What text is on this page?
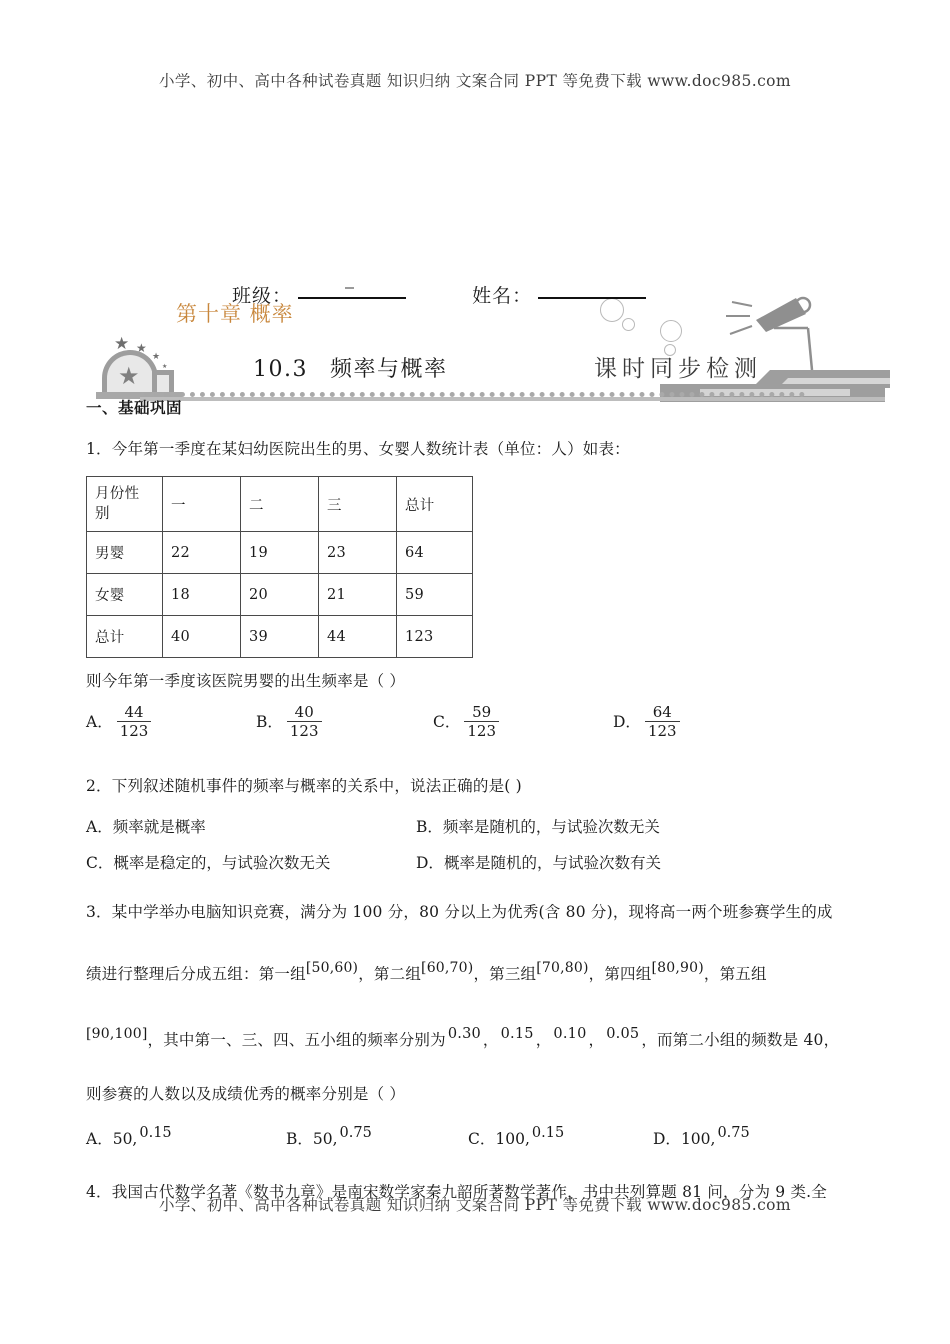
小学、初中、高中各种试卷真题 知识归纳 文案合同 PPT 等免费下载 www.doc985.com
★ ★
★
★
★	课时同步检测
第十章 概率
10.3 频率与概率
班级：	姓名：
一、基础巩固

1．今年第一季度在某妇幼医院出生的男、女婴人数统计表（单位：人）如表：

月份性别	一	二	三	总计
男婴	22	19	23	64
女婴	18	20	21	59
总计	40	39	44	123

则今年第一季度该医院男婴的出生频率是（ ）

A． $\frac{44}{123}$	B． $\frac{40}{123}$	C． $\frac{59}{123}$	D． $\frac{64}{123}$

2．下列叙述随机事件的频率与概率的关系中，说法正确的是( )

A．频率就是概率	B．频率是随机的，与试验次数无关
C．概率是稳定的，与试验次数无关	D．概率是随机的，与试验次数有关

3．某中学举办电脑知识竞赛，满分为 100 分，80 分以上为优秀(含 80 分)，现将高一两个班参赛学生的成

绩进行整理后分成五组：第一组[50,60)，第二组[60,70)，第三组[70,80)，第四组[80,90)，第五组

[90,100]，其中第一、三、四、五小组的频率分别为 0.30 ， 0.15 ， 0.10 ， 0.05 ，而第二小组的频数是 40，

则参赛的人数以及成绩优秀的概率分别是（ ）

A．50, 0.15	B．50, 0.75	C．100, 0.15	D．100, 0.75

4．我国古代数学名著《数书九章》是南宋数学家秦九韶所著数学著作，书中共列算题 81 问，分为 9 类.全

小学、初中、高中各种试卷真题 知识归纳 文案合同 PPT 等免费下载 www.doc985.com
